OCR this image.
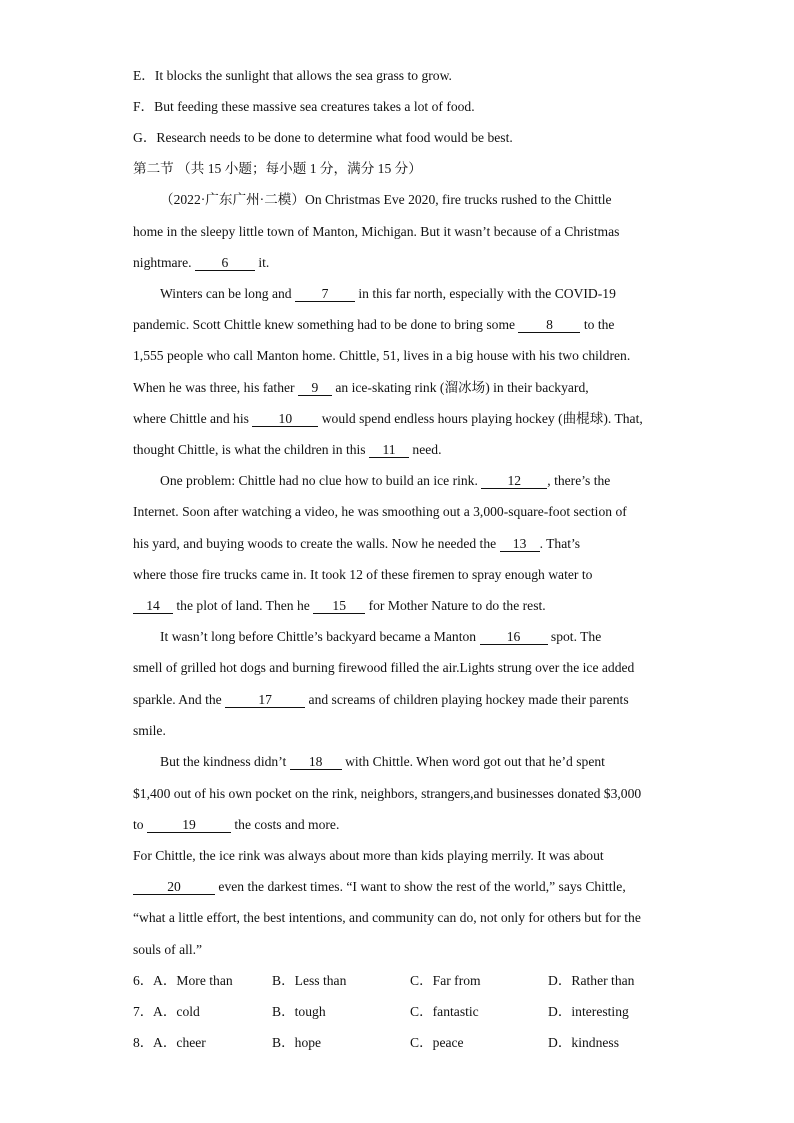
E．It blocks the sunlight that allows the sea grass to grow.
F．But feeding these massive sea creatures takes a lot of food.
G．Research needs to be done to determine what food would be best.
第二节 （共 15 小题；每小题 1 分，满分 15 分）
（2022·广东广州·二模）On Christmas Eve 2020, fire trucks rushed to the Chittle
home in the sleepy little town of Manton, Michigan. But it wasn’t because of a Christmas
nightmare. 6 it.
Winters can be long and 7 in this far north, especially with the COVID-19
pandemic. Scott Chittle knew something had to be done to bring some 8 to the
1,555 people who call Manton home. Chittle, 51, lives in a big house with his two children.
When he was three, his father 9 an ice-skating rink (溜冰场) in their backyard,
where Chittle and his 10 would spend endless hours playing hockey (曲棍球). That,
thought Chittle, is what the children in this 11 need.
One problem: Chittle had no clue how to build an ice rink. 12 , there’s the
Internet. Soon after watching a video, he was smoothing out a 3,000-square-foot section of
his yard, and buying woods to create the walls. Now he needed the 13 . That’s
where those fire trucks came in. It took 12 of these firemen to spray enough water to
14 the plot of land. Then he 15 for Mother Nature to do the rest.
It wasn’t long before Chittle’s backyard became a Manton 16 spot. The
smell of grilled hot dogs and burning firewood filled the air.Lights strung over the ice added
sparkle. And the	17	and screams of children playing hockey made their parents
smile.
But the kindness didn’t 18 with Chittle. When word got out that he’d spent
$1,400 out of his own pocket on the rink, neighbors, strangers,and businesses donated $3,000
to	19	the costs and more.
For Chittle, the ice rink was always about more than kids playing merrily. It was about
20	even the darkest times. “I want to show the rest of the world,” says Chittle,
“what a little effort, the best intentions, and community can do, not only for others but for the
souls of all.”
6． A．More than	B．Less than	C．Far from	D．Rather than
7． A．cold	B．tough	C．fantastic	D．interesting
8． A．cheer	B．hope	C．peace	D．kindness
